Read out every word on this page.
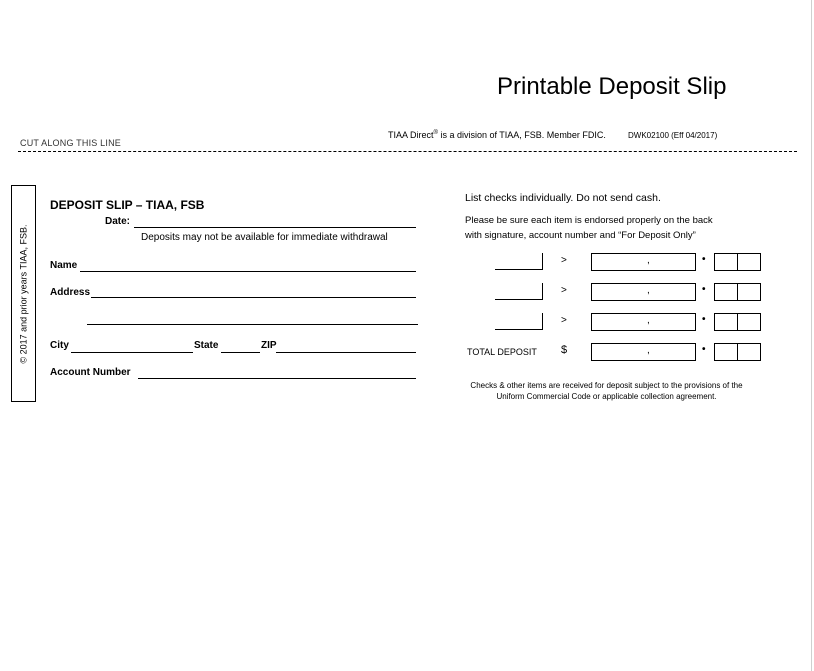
Printable Deposit Slip
CUT ALONG THIS LINE
TIAA Direct® is a division of TIAA, FSB. Member FDIC.	DWK02100 (Eff 04/2017)
© 2017 and prior years TIAA, FSB.
DEPOSIT SLIP – TIAA, FSB
Date:
Deposits may not be available for immediate withdrawal
Name
Address
City	State	ZIP
Account Number
List checks individually. Do not send cash.
Please be sure each item is endorsed properly on the back
with signature, account number and “For Deposit Only”
>	,	•
>	,	•
>	,	•
TOTAL DEPOSIT $	,	•
Checks & other items are received for deposit subject to the provisions of the
Uniform Commercial Code or applicable collection agreement.
